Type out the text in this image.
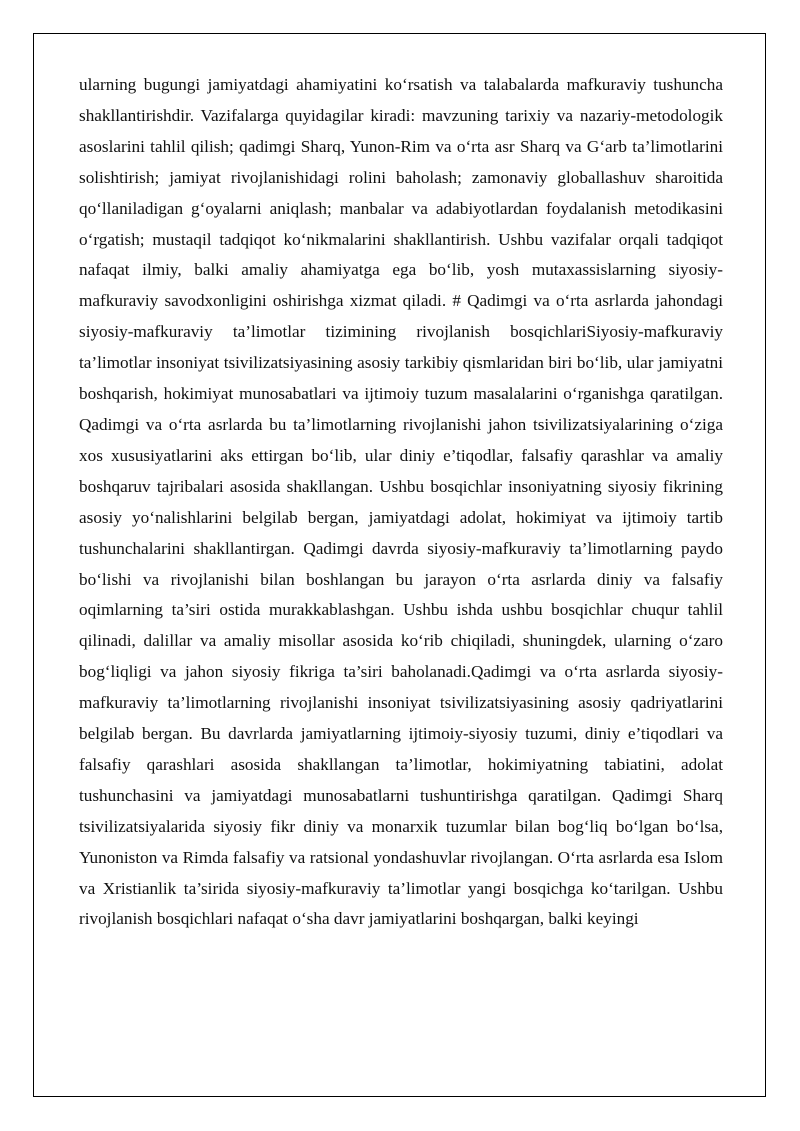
ularning bugungi jamiyatdagi ahamiyatini ko‘rsatish va talabalarda mafkuraviy tushuncha shakllantirishdir. Vazifalarga quyidagilar kiradi: mavzuning tarixiy va nazariy-metodologik asoslarini tahlil qilish; qadimgi Sharq, Yunon-Rim va o‘rta asr Sharq va G‘arb ta’limotlarini solishtirish; jamiyat rivojlanishidagi rolini baholash; zamonaviy globallashuv sharoitida qo‘llaniladigan g‘oyalarni aniqlash; manbalar va adabiyotlardan foydalanish metodikasini o‘rgatish; mustaqil tadqiqot ko‘nikmalarini shakllantirish. Ushbu vazifalar orqali tadqiqot nafaqat ilmiy, balki amaliy ahamiyatga ega bo‘lib, yosh mutaxassislarning siyosiy-mafkuraviy savodxonligini oshirishga xizmat qiladi. # Qadimgi va o‘rta asrlarda jahondagi siyosiy-mafkuraviy ta’limotlar tizimining rivojlanish bosqichlariSiyosiy-mafkuraviy ta’limotlar insoniyat tsivilizatsiyasining asosiy tarkibiy qismlaridan biri bo‘lib, ular jamiyatni boshqarish, hokimiyat munosabatlari va ijtimoiy tuzum masalalarini o‘rganishga qaratilgan. Qadimgi va o‘rta asrlarda bu ta’limotlarning rivojlanishi jahon tsivilizatsiyalarining o‘ziga xos xususiyatlarini aks ettirgan bo‘lib, ular diniy e’tiqodlar, falsafiy qarashlar va amaliy boshqaruv tajribalari asosida shakllangan. Ushbu bosqichlar insoniyatning siyosiy fikrining asosiy yo‘nalishlarini belgilab bergan, jamiyatdagi adolat, hokimiyat va ijtimoiy tartib tushunchalarini shakllantirgan. Qadimgi davrda siyosiy-mafkuraviy ta’limotlarning paydo bo‘lishi va rivojlanishi bilan boshlangan bu jarayon o‘rta asrlarda diniy va falsafiy oqimlarning ta’siri ostida murakkablashgan. Ushbu ishda ushbu bosqichlar chuqur tahlil qilinadi, dalillar va amaliy misollar asosida ko‘rib chiqiladi, shuningdek, ularning o‘zaro bog‘liqligi va jahon siyosiy fikriga ta’siri baholanadi.Qadimgi va o‘rta asrlarda siyosiy-mafkuraviy ta’limotlarning rivojlanishi insoniyat tsivilizatsiyasining asosiy qadriyatlarini belgilab bergan. Bu davrlarda jamiyatlarning ijtimoiy-siyosiy tuzumi, diniy e’tiqodlari va falsafiy qarashlari asosida shakllangan ta’limotlar, hokimiyatning tabiatini, adolat tushunchasini va jamiyatdagi munosabatlarni tushuntirishga qaratilgan. Qadimgi Sharq tsivilizatsiyalarida siyosiy fikr diniy va monarxik tuzumlar bilan bog‘liq bo‘lgan bo‘lsa, Yunoniston va Rimda falsafiy va ratsional yondashuvlar rivojlangan. O‘rta asrlarda esa Islom va Xristianlik ta’sirida siyosiy-mafkuraviy ta’limotlar yangi bosqichga ko‘tarilgan. Ushbu rivojlanish bosqichlari nafaqat o‘sha davr jamiyatlarini boshqargan, balki keyingi
